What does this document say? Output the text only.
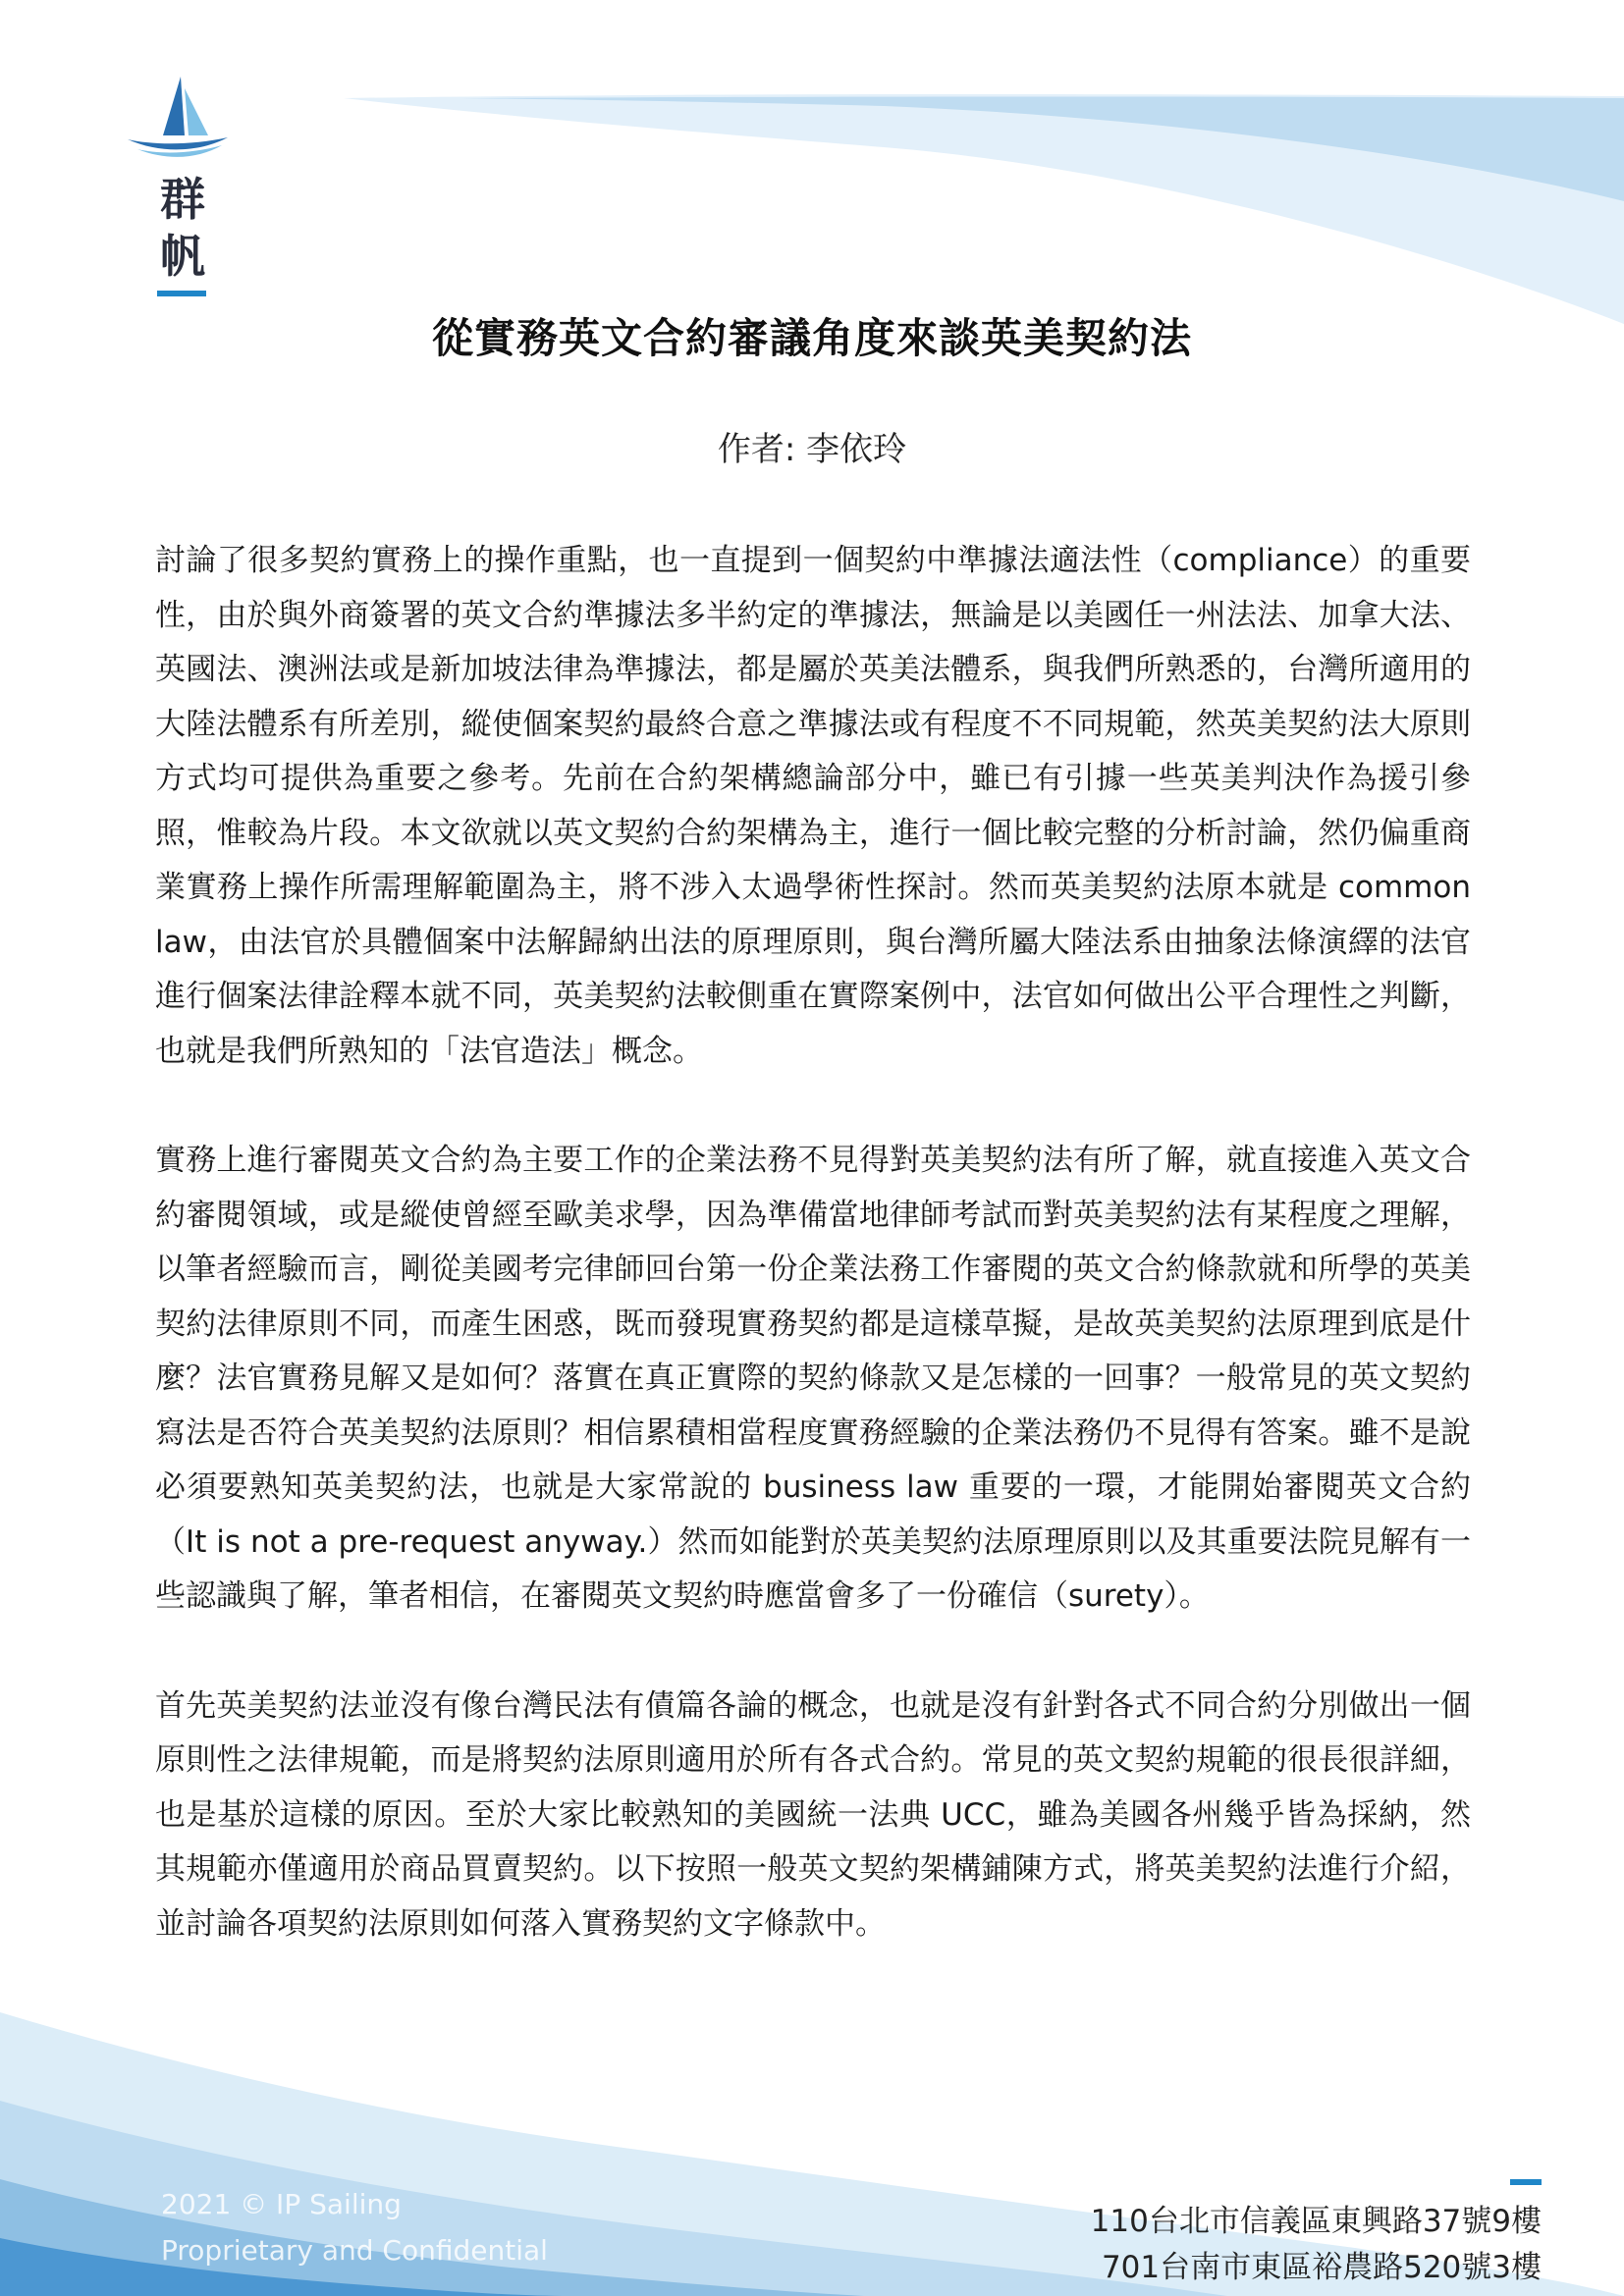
群
帆
從實務英文合約審議角度來談英美契約法
作者: 李依玲

討論了很多契約實務上的操作重點，也一直提到一個契約中準據法適法性（compliance）的重要性，由於與外商簽署的英文合約準據法多半約定的準據法，無論是以美國任一州法法、加拿大法、英國法、澳洲法或是新加坡法律為準據法，都是屬於英美法體系，與我們所熟悉的，台灣所適用的大陸法體系有所差別，縱使個案契約最終合意之準據法或有程度不不同規範，然英美契約法大原則方式均可提供為重要之參考。先前在合約架構總論部分中，雖已有引據一些英美判決作為援引參照，惟較為片段。本文欲就以英文契約合約架構為主，進行一個比較完整的分析討論，然仍偏重商業實務上操作所需理解範圍為主，將不涉入太過學術性探討。然而英美契約法原本就是 common law，由法官於具體個案中法解歸納出法的原理原則，與台灣所屬大陸法系由抽象法條演繹的法官進行個案法律詮釋本就不同，英美契約法較側重在實際案例中，法官如何做出公平合理性之判斷，也就是我們所熟知的「法官造法」概念。

實務上進行審閱英文合約為主要工作的企業法務不見得對英美契約法有所了解，就直接進入英文合約審閱領域，或是縱使曾經至歐美求學，因為準備當地律師考試而對英美契約法有某程度之理解，以筆者經驗而言，剛從美國考完律師回台第一份企業法務工作審閱的英文合約條款就和所學的英美契約法律原則不同，而產生困惑，既而發現實務契約都是這樣草擬，是故英美契約法原理到底是什麼？法官實務見解又是如何？落實在真正實際的契約條款又是怎樣的一回事？一般常見的英文契約寫法是否符合英美契約法原則？相信累積相當程度實務經驗的企業法務仍不見得有答案。雖不是說必須要熟知英美契約法，也就是大家常說的 business law 重要的一環，才能開始審閱英文合約（It is not a pre-request anyway.）然而如能對於英美契約法原理原則以及其重要法院見解有一些認識與了解，筆者相信，在審閱英文契約時應當會多了一份確信（surety）。

首先英美契約法並沒有像台灣民法有債篇各論的概念，也就是沒有針對各式不同合約分別做出一個原則性之法律規範，而是將契約法原則適用於所有各式合約。常見的英文契約規範的很長很詳細，也是基於這樣的原因。至於大家比較熟知的美國統一法典 UCC，雖為美國各州幾乎皆為採納，然其規範亦僅適用於商品買賣契約。以下按照一般英文契約架構鋪陳方式，將英美契約法進行介紹，並討論各項契約法原則如何落入實務契約文字條款中。

2021 © IP Sailing
Proprietary and Confidential
110台北市信義區東興路37號9樓
701台南市東區裕農路520號3樓
